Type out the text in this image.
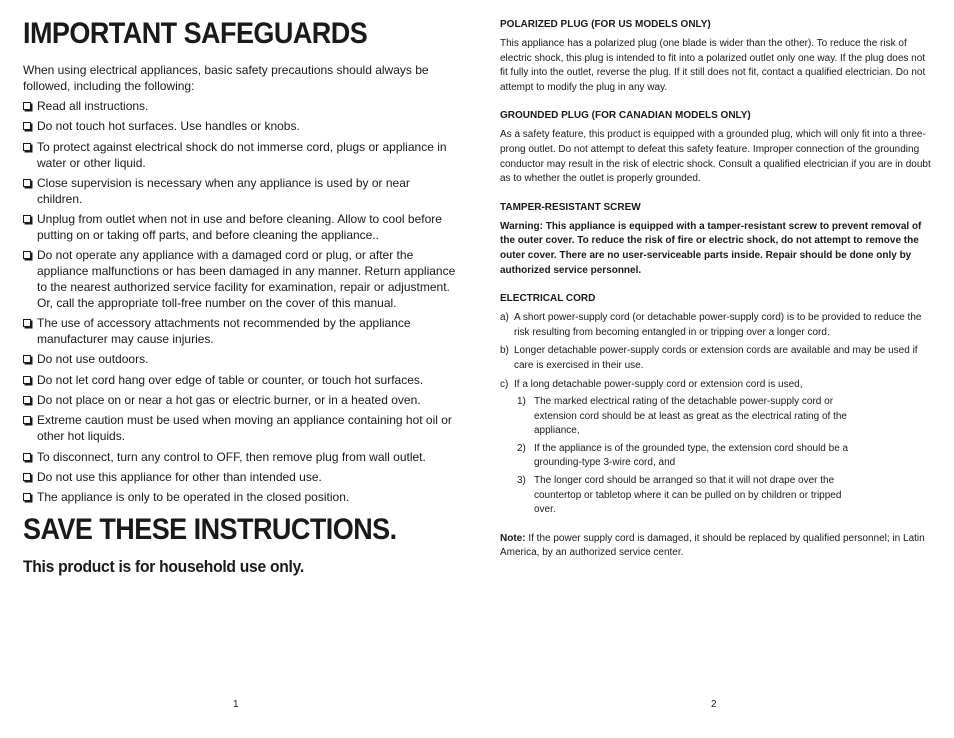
IMPORTANT SAFEGUARDS

When using electrical appliances, basic safety precautions should always be followed, including the following:

Read all instructions.
Do not touch hot surfaces. Use handles or knobs.
To protect against electrical shock do not immerse cord, plugs or appliance in water or other liquid.
Close supervision is necessary when any appliance is used by or near children.
Unplug from outlet when not in use and before cleaning. Allow to cool before putting on or taking off parts, and before cleaning the appliance..
Do not operate any appliance with a damaged cord or plug, or after the appliance malfunctions or has been damaged in any manner. Return appliance to the nearest authorized service facility for examination, repair or adjustment. Or, call the appropriate toll-free number on the cover of this manual.
The use of accessory attachments not recommended by the appliance manufacturer may cause injuries.
Do not use outdoors.
Do not let cord hang over edge of table or counter, or touch hot surfaces.
Do not place on or near a hot gas or electric burner, or in a heated oven.
Extreme caution must be used when moving an appliance containing hot oil or other hot liquids.
To disconnect, turn any control to OFF, then remove plug from wall outlet.
Do not use this appliance for other than intended use.
The appliance is only to be operated in the closed position.
SAVE THESE INSTRUCTIONS.

This product is for household use only.

1
POLARIZED PLUG (FOR US MODELS ONLY)

This appliance has a polarized plug (one blade is wider than the other). To reduce the risk of electric shock, this plug is intended to fit into a polarized outlet only one way. If the plug does not fit fully into the outlet, reverse the plug. If it still does not fit, contact a qualified electrician. Do not attempt to modify the plug in any way.

GROUNDED PLUG (FOR CANADIAN MODELS ONLY)

As a safety feature, this product is equipped with a grounded plug, which will only fit into a three-prong outlet. Do not attempt to defeat this safety feature. Improper connection of the grounding conductor may result in the risk of electric shock. Consult a qualified electrician if you are in doubt as to whether the outlet is properly grounded.

TAMPER-RESISTANT SCREW

Warning: This appliance is equipped with a tamper-resistant screw to prevent removal of the outer cover. To reduce the risk of fire or electric shock, do not attempt to remove the outer cover. There are no user-serviceable parts inside. Repair should be done only by authorized service personnel.

ELECTRICAL CORD
a) A short power-supply cord (or detachable power-supply cord) is to be provided to reduce the risk resulting from becoming entangled in or tripping over a longer cord.
b) Longer detachable power-supply cords or extension cords are available and may be used if care is exercised in their use.
c) If a long detachable power-supply cord or extension cord is used,
1) The marked electrical rating of the detachable power-supply cord or extension cord should be at least as great as the electrical rating of the appliance,
2) If the appliance is of the grounded type, the extension cord should be a grounding-type 3-wire cord, and
3) The longer cord should be arranged so that it will not drape over the countertop or tabletop where it can be pulled on by children or tripped over.

Note: If the power supply cord is damaged, it should be replaced by qualified personnel; in Latin America, by an authorized service center.

2
